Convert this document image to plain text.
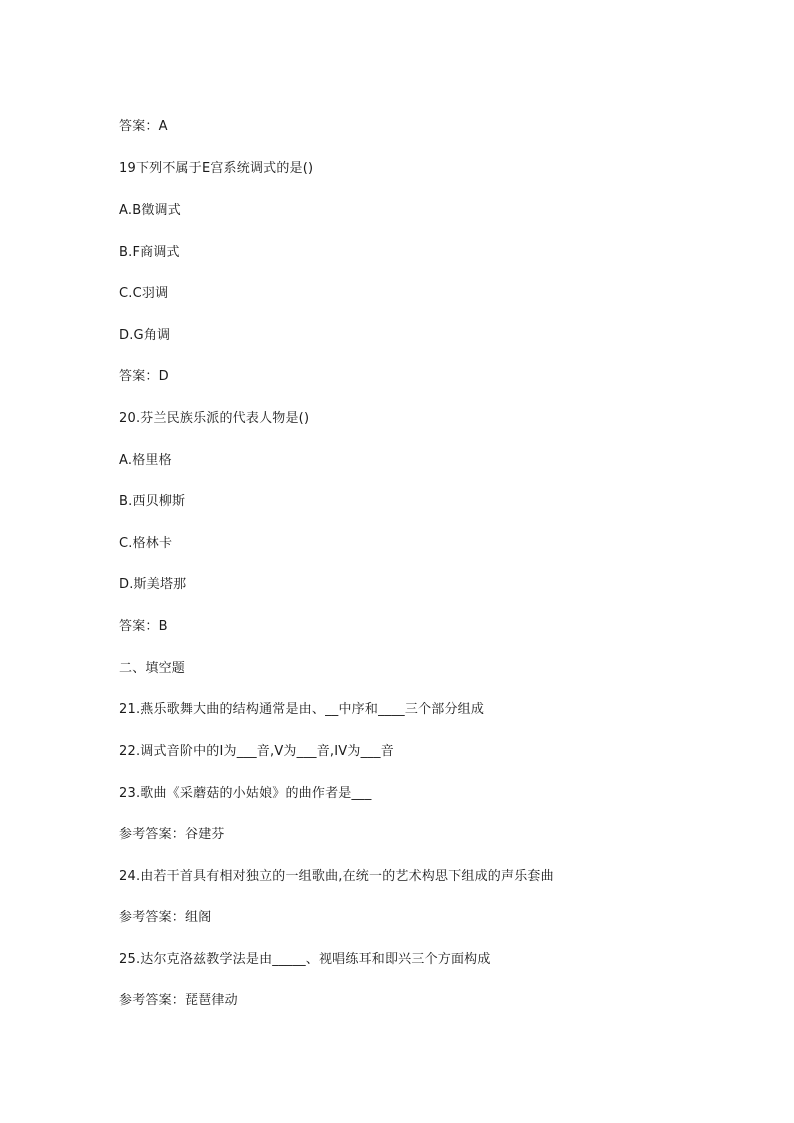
答案：A
19下列不属于E宫系统调式的是()
A.B徵调式
B.F商调式
C.C羽调
D.G角调
答案：D
20.芬兰民族乐派的代表人物是()
A.格里格
B.西贝柳斯
C.格林卡
D.斯美塔那
答案：B
二、填空题
21.燕乐歌舞大曲的结构通常是由、__中序和____三个部分组成
22.调式音阶中的I为___音,V为___音,IV为___音
23.歌曲《采蘑菇的小姑娘》的曲作者是___
参考答案：谷建芬
24.由若干首具有相对独立的一组歌曲,在统一的艺术构思下组成的声乐套曲
参考答案：组阁
25.达尔克洛兹教学法是由_____、视唱练耳和即兴三个方面构成
参考答案：琵琶律动
